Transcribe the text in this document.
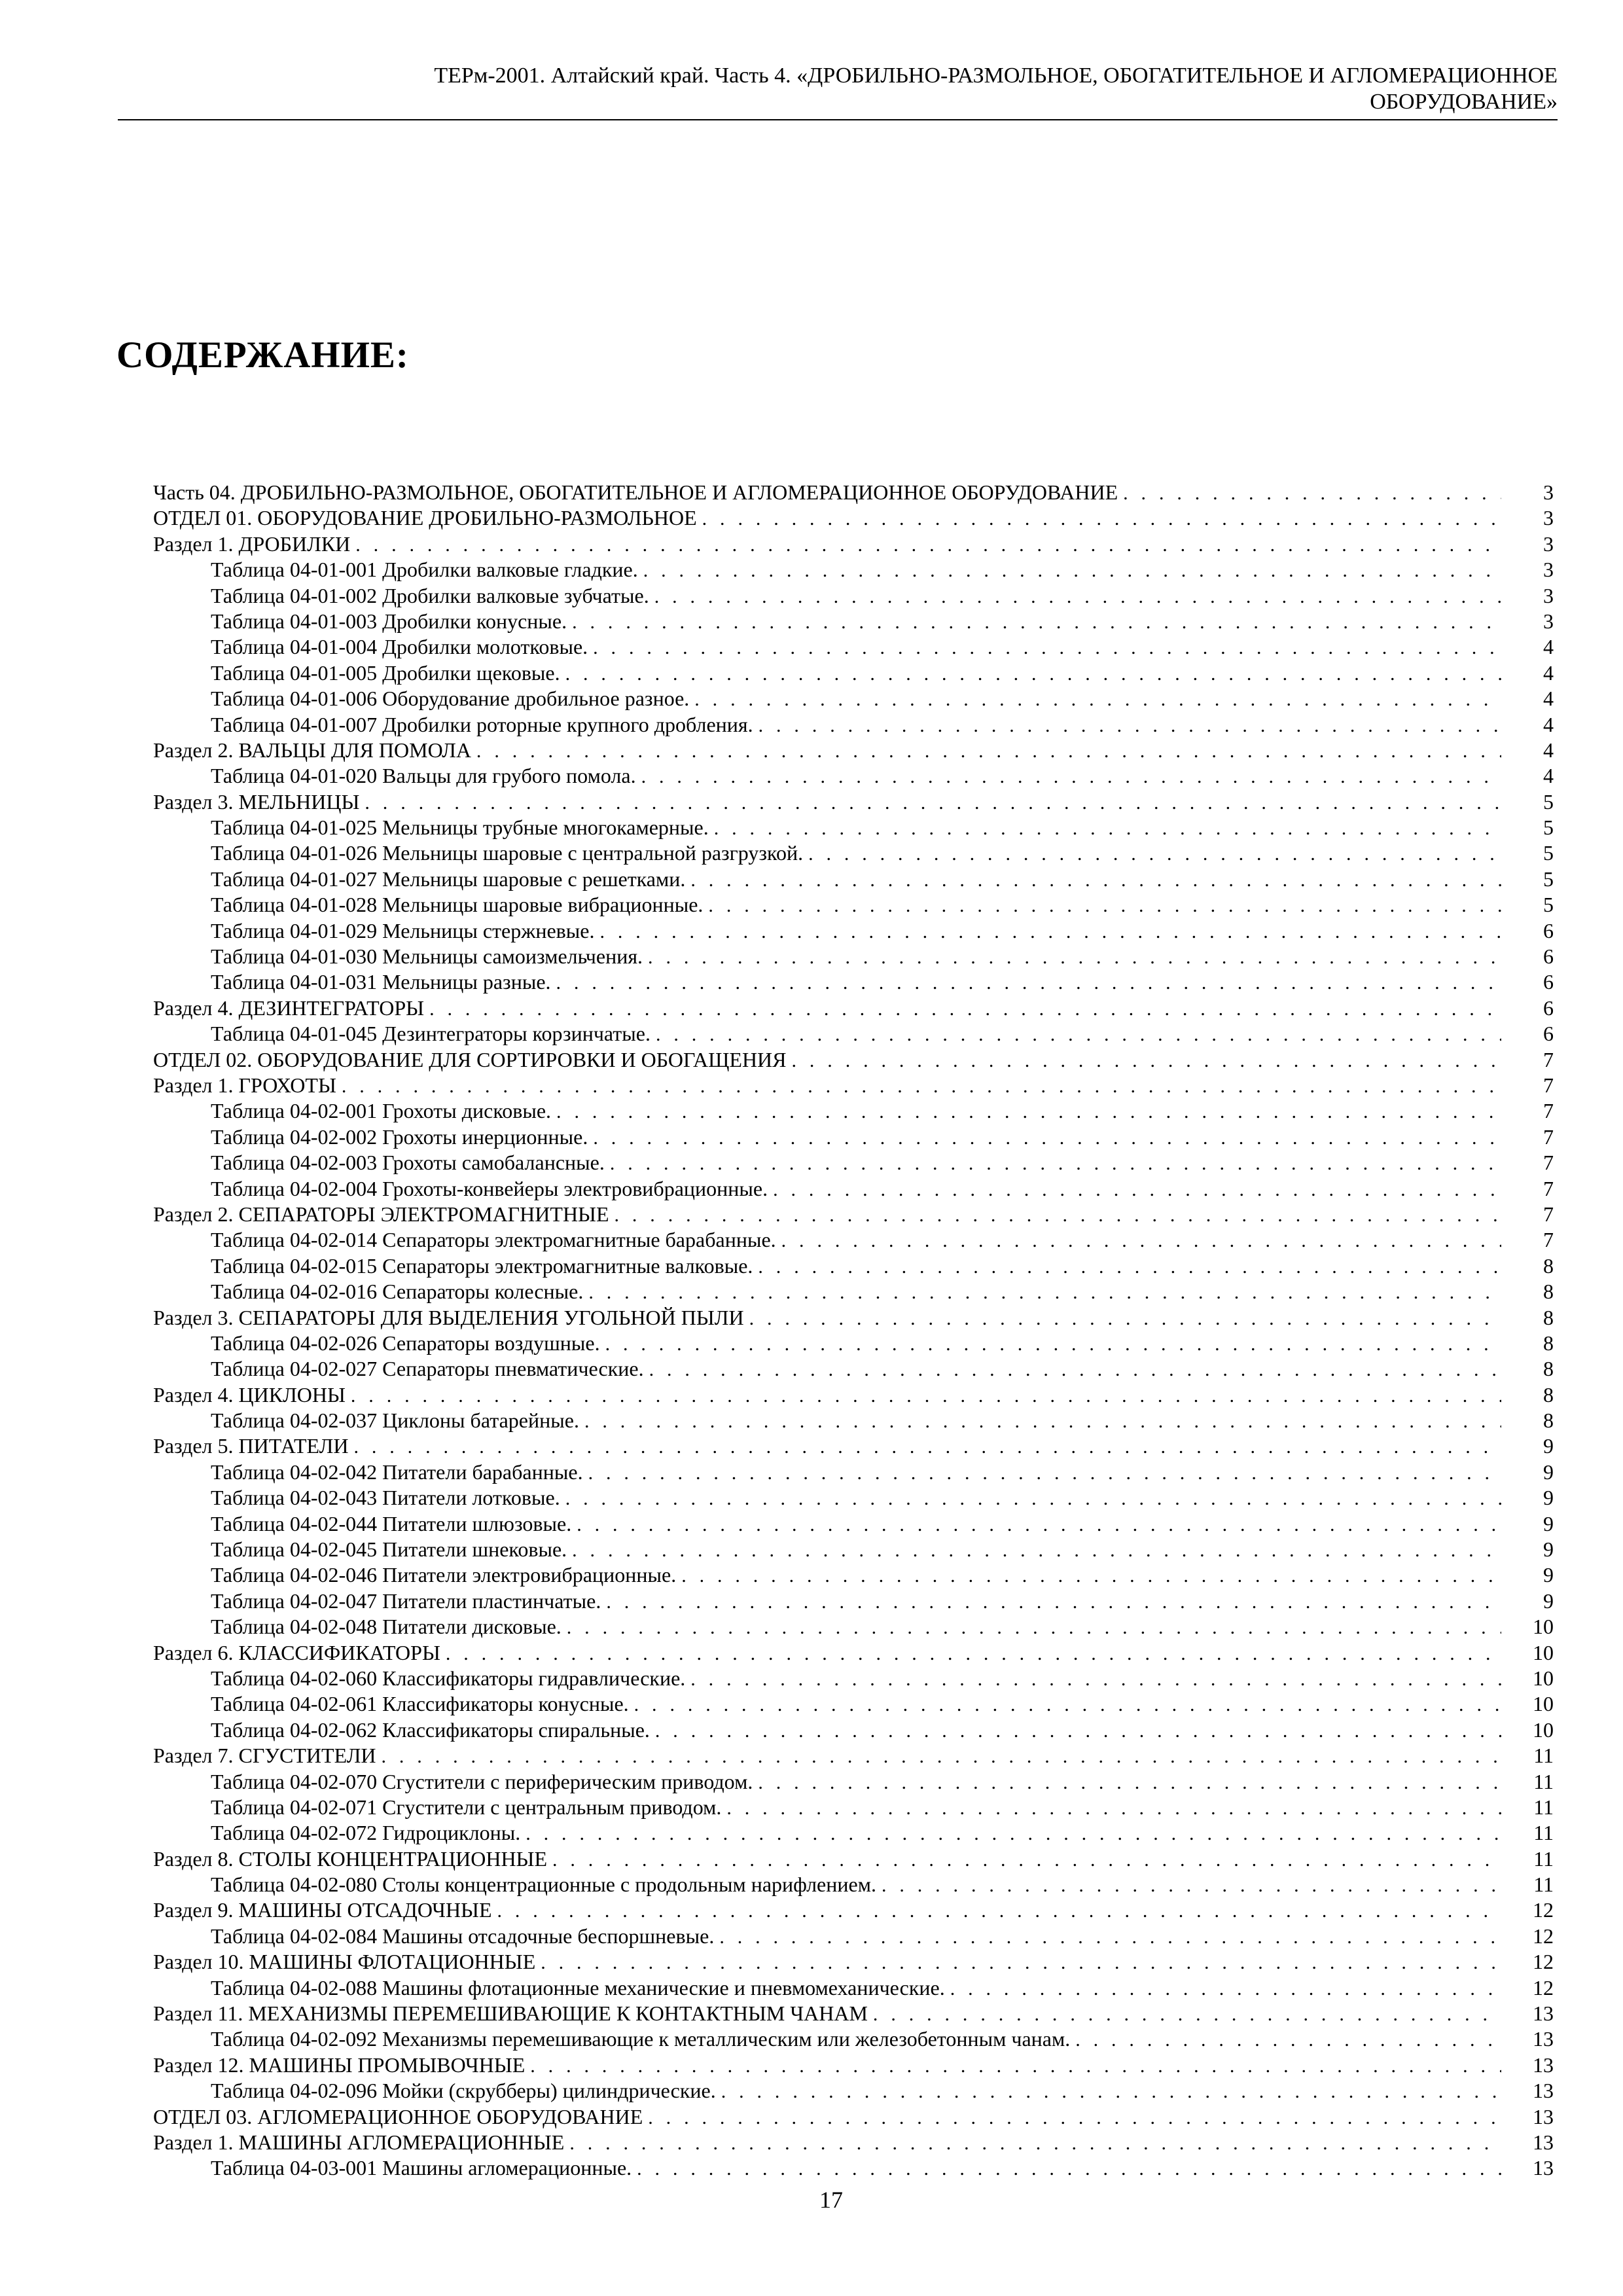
ТЕРм-2001. Алтайский край. Часть 4. «ДРОБИЛЬНО-РАЗМОЛЬНОЕ, ОБОГАТИТЕЛЬНОЕ И АГЛОМЕРАЦИОННОЕ
ОБОРУДОВАНИЕ»
СОДЕРЖАНИЕ:
Часть 04. ДРОБИЛЬНО-РАЗМОЛЬНОЕ, ОБОГАТИТЕЛЬНОЕ И АГЛОМЕРАЦИОННОЕ ОБОРУДОВАНИЕ . . .	3
ОТДЕЛ 01. ОБОРУДОВАНИЕ ДРОБИЛЬНО-РАЗМОЛЬНОЕ . . .	3
Раздел 1. ДРОБИЛКИ . . .	3
Таблица 04-01-001 Дробилки валковые гладкие. . . .	3
Таблица 04-01-002 Дробилки валковые зубчатые. . . .	3
Таблица 04-01-003 Дробилки конусные. . . .	3
Таблица 04-01-004 Дробилки молотковые. . . .	4
Таблица 04-01-005 Дробилки щековые. . . .	4
Таблица 04-01-006 Оборудование дробильное разное. . . .	4
Таблица 04-01-007 Дробилки роторные крупного дробления. . . .	4
Раздел 2. ВАЛЬЦЫ ДЛЯ ПОМОЛА . . .	4
Таблица 04-01-020 Вальцы для грубого помола. . . .	4
Раздел 3. МЕЛЬНИЦЫ . . .	5
Таблица 04-01-025 Мельницы трубные многокамерные. . . .	5
Таблица 04-01-026 Мельницы шаровые с центральной разгрузкой. . . .	5
Таблица 04-01-027 Мельницы шаровые с решетками. . . .	5
Таблица 04-01-028 Мельницы шаровые вибрационные. . . .	5
Таблица 04-01-029 Мельницы стержневые. . . .	6
Таблица 04-01-030 Мельницы самоизмельчения. . . .	6
Таблица 04-01-031 Мельницы разные. . . .	6
Раздел 4. ДЕЗИНТЕГРАТОРЫ . . .	6
Таблица 04-01-045 Дезинтеграторы корзинчатые. . . .	6
ОТДЕЛ 02. ОБОРУДОВАНИЕ ДЛЯ СОРТИРОВКИ И ОБОГАЩЕНИЯ . . .	7
Раздел 1. ГРОХОТЫ . . .	7
Таблица 04-02-001 Грохоты дисковые. . . .	7
Таблица 04-02-002 Грохоты инерционные. . . .	7
Таблица 04-02-003 Грохоты самобалансные. . . .	7
Таблица 04-02-004 Грохоты-конвейеры электровибрационные. . . .	7
Раздел 2. СЕПАРАТОРЫ ЭЛЕКТРОМАГНИТНЫЕ . . .	7
Таблица 04-02-014 Сепараторы электромагнитные барабанные. . . .	7
Таблица 04-02-015 Сепараторы электромагнитные валковые. . . .	8
Таблица 04-02-016 Сепараторы колесные. . . .	8
Раздел 3. СЕПАРАТОРЫ ДЛЯ ВЫДЕЛЕНИЯ УГОЛЬНОЙ ПЫЛИ . . .	8
Таблица 04-02-026 Сепараторы воздушные. . . .	8
Таблица 04-02-027 Сепараторы пневматические. . . .	8
Раздел 4. ЦИКЛОНЫ . . .	8
Таблица 04-02-037 Циклоны батарейные. . . .	8
Раздел 5. ПИТАТЕЛИ . . .	9
Таблица 04-02-042 Питатели барабанные. . . .	9
Таблица 04-02-043 Питатели лотковые. . . .	9
Таблица 04-02-044 Питатели шлюзовые. . . .	9
Таблица 04-02-045 Питатели шнековые. . . .	9
Таблица 04-02-046 Питатели электровибрационные. . . .	9
Таблица 04-02-047 Питатели пластинчатые. . . .	9
Таблица 04-02-048 Питатели дисковые. . . .	10
Раздел 6. КЛАССИФИКАТОРЫ . . .	10
Таблица 04-02-060 Классификаторы гидравлические. . . .	10
Таблица 04-02-061 Классификаторы конусные. . . .	10
Таблица 04-02-062 Классификаторы спиральные. . . .	10
Раздел 7. СГУСТИТЕЛИ . . .	11
Таблица 04-02-070 Сгустители с периферическим приводом. . . .	11
Таблица 04-02-071 Сгустители с центральным приводом. . . .	11
Таблица 04-02-072 Гидроциклоны. . . .	11
Раздел 8. СТОЛЫ КОНЦЕНТРАЦИОННЫЕ . . .	11
Таблица 04-02-080 Столы концентрационные с продольным нарифлением. . . .	11
Раздел 9. МАШИНЫ ОТСАДОЧНЫЕ . . .	12
Таблица 04-02-084 Машины отсадочные беспоршневые. . . .	12
Раздел 10. МАШИНЫ ФЛОТАЦИОННЫЕ . . .	12
Таблица 04-02-088 Машины флотационные механические и пневмомеханические. . . .	12
Раздел 11. МЕХАНИЗМЫ ПЕРЕМЕШИВАЮЩИЕ К КОНТАКТНЫМ ЧАНАМ . . .	13
Таблица 04-02-092 Механизмы перемешивающие к металлическим или железобетонным чанам. . . .	13
Раздел 12. МАШИНЫ ПРОМЫВОЧНЫЕ . . .	13
Таблица 04-02-096 Мойки (скрубберы) цилиндрические. . . .	13
ОТДЕЛ 03. АГЛОМЕРАЦИОННОЕ ОБОРУДОВАНИЕ . . .	13
Раздел 1. МАШИНЫ АГЛОМЕРАЦИОННЫЕ . . .	13
Таблица 04-03-001 Машины агломерационные. . . .	13
17
